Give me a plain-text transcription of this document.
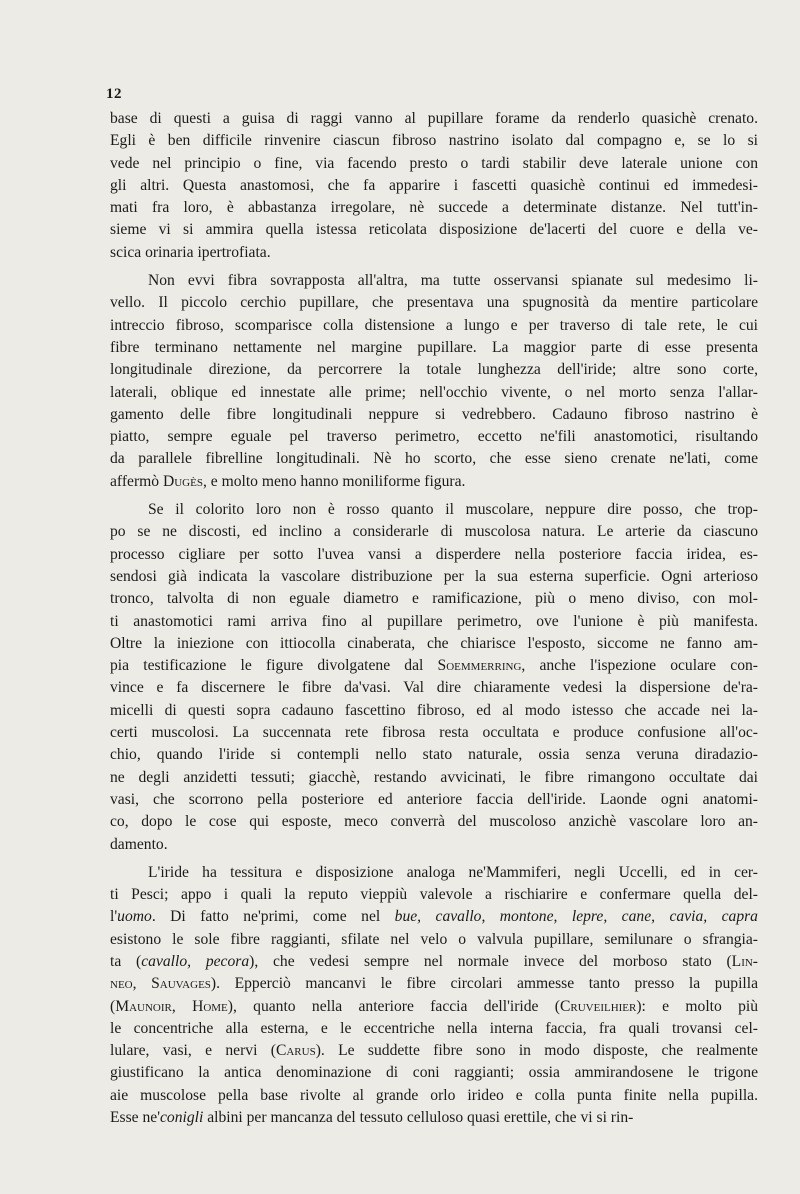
12
base di questi a guisa di raggi vanno al pupillare forame da renderlo quasichè crenato.
Egli è ben difficile rinvenire ciascun fibroso nastrino isolato dal compagno e, se lo si
vede nel principio o fine, via facendo presto o tardi stabilir deve laterale unione con
gli altri. Questa anastomosi, che fa apparire i fascetti quasichè continui ed immedesi-
mati fra loro, è abbastanza irregolare, nè succede a determinate distanze. Nel tutt'in-
sieme vi si ammira quella istessa reticolata disposizione de'lacerti del cuore e della ve-
scica orinaria ipertrofiata.
Non evvi fibra sovrapposta all'altra, ma tutte osservansi spianate sul medesimo li-
vello. Il piccolo cerchio pupillare, che presentava una spugnosità da mentire particolare
intreccio fibroso, scomparisce colla distensione a lungo e per traverso di tale rete, le cui
fibre terminano nettamente nel margine pupillare. La maggior parte di esse presenta
longitudinale direzione, da percorrere la totale lunghezza dell'iride; altre sono corte,
laterali, oblique ed innestate alle prime; nell'occhio vivente, o nel morto senza l'allar-
gamento delle fibre longitudinali neppure si vedrebbero. Cadauno fibroso nastrino è
piatto, sempre eguale pel traverso perimetro, eccetto ne'fili anastomotici, risultando
da parallele fibrelline longitudinali. Nè ho scorto, che esse sieno crenate ne'lati, come
affermò Dugès, e molto meno hanno moniliforme figura.
Se il colorito loro non è rosso quanto il muscolare, neppure dire posso, che trop-
po se ne discosti, ed inclino a considerarle di muscolosa natura. Le arterie da ciascuno
processo cigliare per sotto l'uvea vansi a disperdere nella posteriore faccia iridea, es-
sendosi già indicata la vascolare distribuzione per la sua esterna superficie. Ogni arterioso
tronco, talvolta di non eguale diametro e ramificazione, più o meno diviso, con mol-
ti anastomotici rami arriva fino al pupillare perimetro, ove l'unione è più manifesta.
Oltre la iniezione con ittiocolla cinaberata, che chiarisce l'esposto, siccome ne fanno am-
pia testificazione le figure divolgatene dal Soemmerring, anche l'ispezione oculare con-
vince e fa discernere le fibre da'vasi. Val dire chiaramente vedesi la dispersione de'ra-
micelli di questi sopra cadauno fascettino fibroso, ed al modo istesso che accade nei la-
certi muscolosi. La succennata rete fibrosa resta occultata e produce confusione all'oc-
chio, quando l'iride si contempli nello stato naturale, ossia senza veruna diradazio-
ne degli anzidetti tessuti; giacchè, restando avvicinati, le fibre rimangono occultate dai
vasi, che scorrono pella posteriore ed anteriore faccia dell'iride. Laonde ogni anatomi-
co, dopo le cose qui esposte, meco converrà del muscoloso anzichè vascolare loro an-
damento.
L'iride ha tessitura e disposizione analoga ne'Mammiferi, negli Uccelli, ed in cer-
ti Pesci; appo i quali la reputo vieppiù valevole a rischiarire e confermare quella del-
l'uomo. Di fatto ne'primi, come nel bue, cavallo, montone, lepre, cane, cavia, capra
esistono le sole fibre raggianti, sfilate nel velo o valvula pupillare, semilunare o sfrangia-
ta (cavallo, pecora), che vedesi sempre nel normale invece del morboso stato (Lin-
neo, Sauvages). Epperciò mancanvi le fibre circolari ammesse tanto presso la pupilla
(Maunoir, Home), quanto nella anteriore faccia dell'iride (Cruveilhier): e molto più
le concentriche alla esterna, e le eccentriche nella interna faccia, fra quali trovansi cel-
lulare, vasi, e nervi (Carus). Le suddette fibre sono in modo disposte, che realmente
giustificano la antica denominazione di coni raggianti; ossia ammirandosene le trigone
aie muscolose pella base rivolte al grande orlo irideo e colla punta finite nella pupilla.
Esse ne'conigli albini per mancanza del tessuto celluloso quasi erettile, che vi si rin-
